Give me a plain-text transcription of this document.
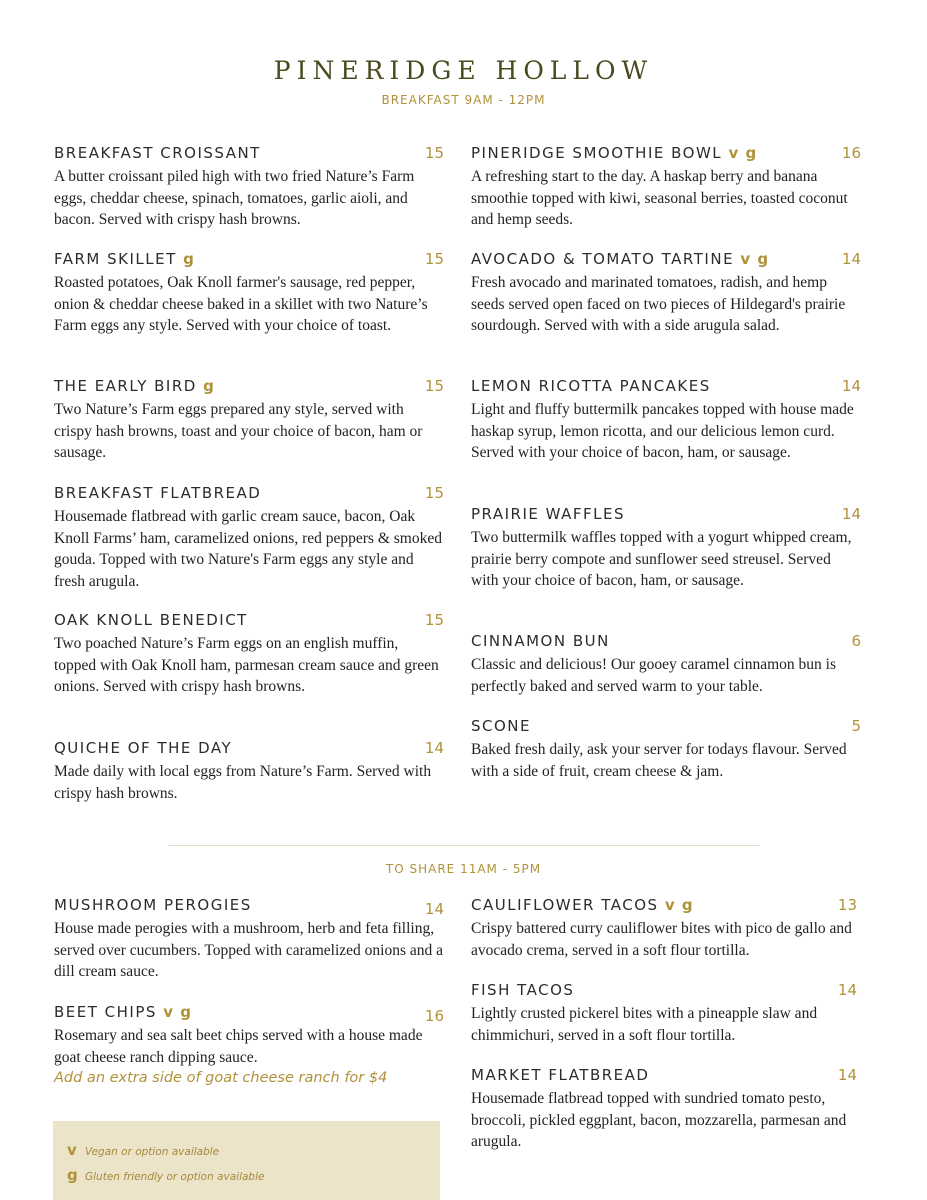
PINERIDGE HOLLOW
BREAKFAST 9AM - 12PM
BREAKFAST CROISSANT	15
A butter croissant piled high with two fried Nature’s Farm eggs, cheddar cheese, spinach, tomatoes, garlic aioli, and bacon. Served with crispy hash browns.
FARM SKILLET g	15
Roasted potatoes, Oak Knoll farmer's sausage, red pepper, onion & cheddar cheese baked in a skillet with two Nature’s Farm eggs any style. Served with your choice of toast.
THE EARLY BIRD g	15
Two Nature’s Farm eggs prepared any style, served with crispy hash browns, toast and your choice of bacon, ham or sausage.
BREAKFAST FLATBREAD	15
Housemade flatbread with garlic cream sauce, bacon, Oak Knoll Farms’ ham, caramelized onions, red peppers & smoked gouda. Topped with two Nature's Farm eggs any style and fresh arugula.
OAK KNOLL BENEDICT	15
Two poached Nature’s Farm eggs on an english muffin, topped with Oak Knoll ham, parmesan cream sauce and green onions. Served with crispy hash browns.
QUICHE OF THE DAY	14
Made daily with local eggs from Nature’s Farm. Served with crispy hash browns.
PINERIDGE SMOOTHIE BOWL v g	16
A refreshing start to the day. A haskap berry and banana smoothie topped with kiwi, seasonal berries, toasted coconut and hemp seeds.
AVOCADO & TOMATO TARTINE v g	14
Fresh avocado and marinated tomatoes, radish, and hemp seeds served open faced on two pieces of Hildegard's prairie sourdough. Served with with a side arugula salad.
LEMON RICOTTA PANCAKES	14
Light and fluffy buttermilk pancakes topped with house made haskap syrup, lemon ricotta, and our delicious lemon curd. Served with your choice of bacon, ham, or sausage.
PRAIRIE WAFFLES	14
Two buttermilk waffles topped with a yogurt whipped cream, prairie berry compote and sunflower seed streusel. Served with your choice of bacon, ham, or sausage.
CINNAMON BUN	6
Classic and delicious! Our gooey caramel cinnamon bun is perfectly baked and served warm to your table.
SCONE	5
Baked fresh daily, ask your server for todays flavour. Served with a side of fruit, cream cheese & jam.
TO SHARE 11AM - 5PM
MUSHROOM PEROGIES	14
House made perogies with a mushroom, herb and feta filling, served over cucumbers. Topped with caramelized onions and a dill cream sauce.
BEET CHIPS v g	16
Rosemary and sea salt beet chips served with a house made goat cheese ranch dipping sauce.
Add an extra side of goat cheese ranch for $4
CAULIFLOWER TACOS v g	13
Crispy battered curry cauliflower bites with pico de gallo and avocado crema, served in a soft flour tortilla.
FISH TACOS	14
Lightly crusted pickerel bites with a pineapple slaw and chimmichuri, served in a soft flour tortilla.
MARKET FLATBREAD	14
Housemade flatbread topped with sundried tomato pesto, broccoli, pickled eggplant, bacon, mozzarella, parmesan and arugula.
v Vegan or option available
g Gluten friendly or option available
